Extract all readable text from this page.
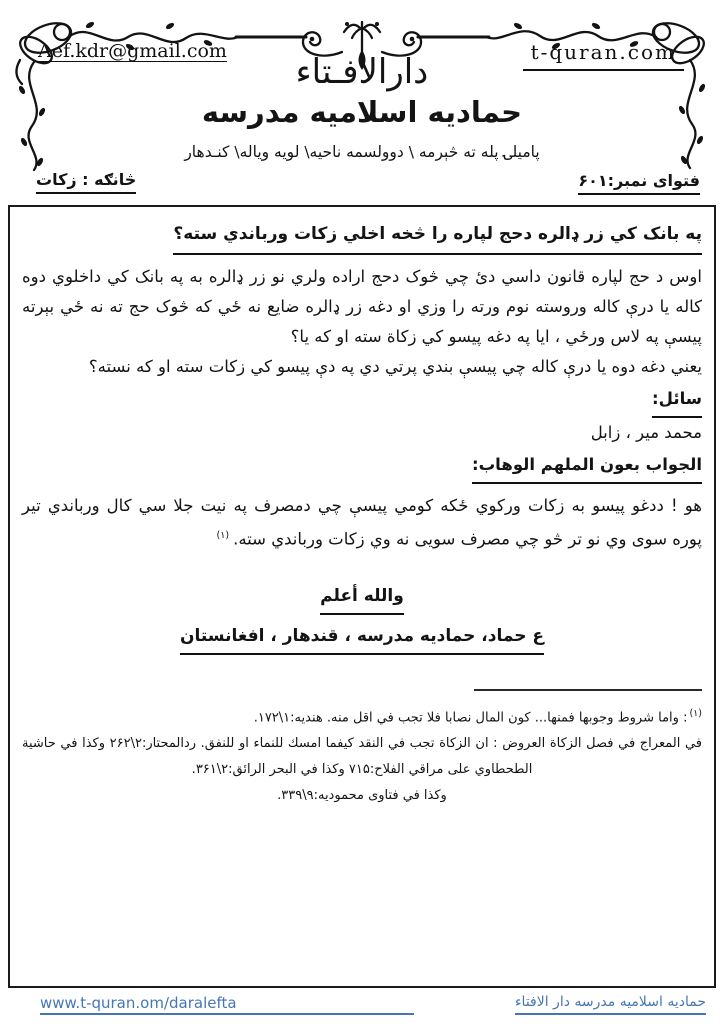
Aef.kdr@gmail.com	t-quran.com
دارالافـتاء
حمادیه اسلامیه مدرسه
پامیلۍ پله ته څېرمه \ دوولسمه ناحیه\ لویه ویاله\ کنـدهار
فتوای نمبر:۶۰۱
څانګه : زکات
په بانک کي زر ډالره دحج لپاره را څخه اخلي زکات ورباندي سته؟
اوس د حج لپاره قانون داسي دئ چي څوک دحج اراده ولري نو زر ډالره به په بانک کي داخلوي دوه کاله یا درې کاله وروسته نوم ورته را وزي او دغه زر ډالره ضایع نه ځي که څوک حج ته نه ځي بېرته پیسې په لاس ورځي ، ایا په دغه پیسو کي زکاة سته او که یا؟
یعني دغه دوه یا درې کاله چي پیسې بندي پرتي دي په دې پیسو کي زکات سته او که نسته؟
سائل:
محمد میر ، زابل
الجواب بعون الملهم الوهاب:
هو ! ددغو پیسو به زکات ورکوي ځکه کومي پیسې چي دمصرف په نیت جلا سي کال ورباندي تیر پوره سوی وي نو تر څو چي مصرف سویی نه وي زکات ورباندي سته.$^{(۱)}$
والله أعلم
ع حماد، حمادیه مدرسه ، قندهار ، افغانستان
$^{(۱)}$: واما شروط وجوبها فمنها... كون المال نصابا فلا تجب في اقل منه. هنديه:‪۱۷۲\۱‬.
في المعراج في فصل الزكاة العروض : ان الزكاة تجب في النقد كيفما امسك للنماء او للنفق. ردالمحتار:‪۲۶۲\۲‬ وكذا في حاشية الطحطاوي على مراقي الفلاح:۷۱۵ وكذا في البحر الرائق:‪۳۶۱\۲‬.
وكذا في فتاوى محموديه:‪۳۳۹\۹‬.
www.t-quran.om/daralefta	حمادیه اسلامیه مدرسه دار الافتاء
